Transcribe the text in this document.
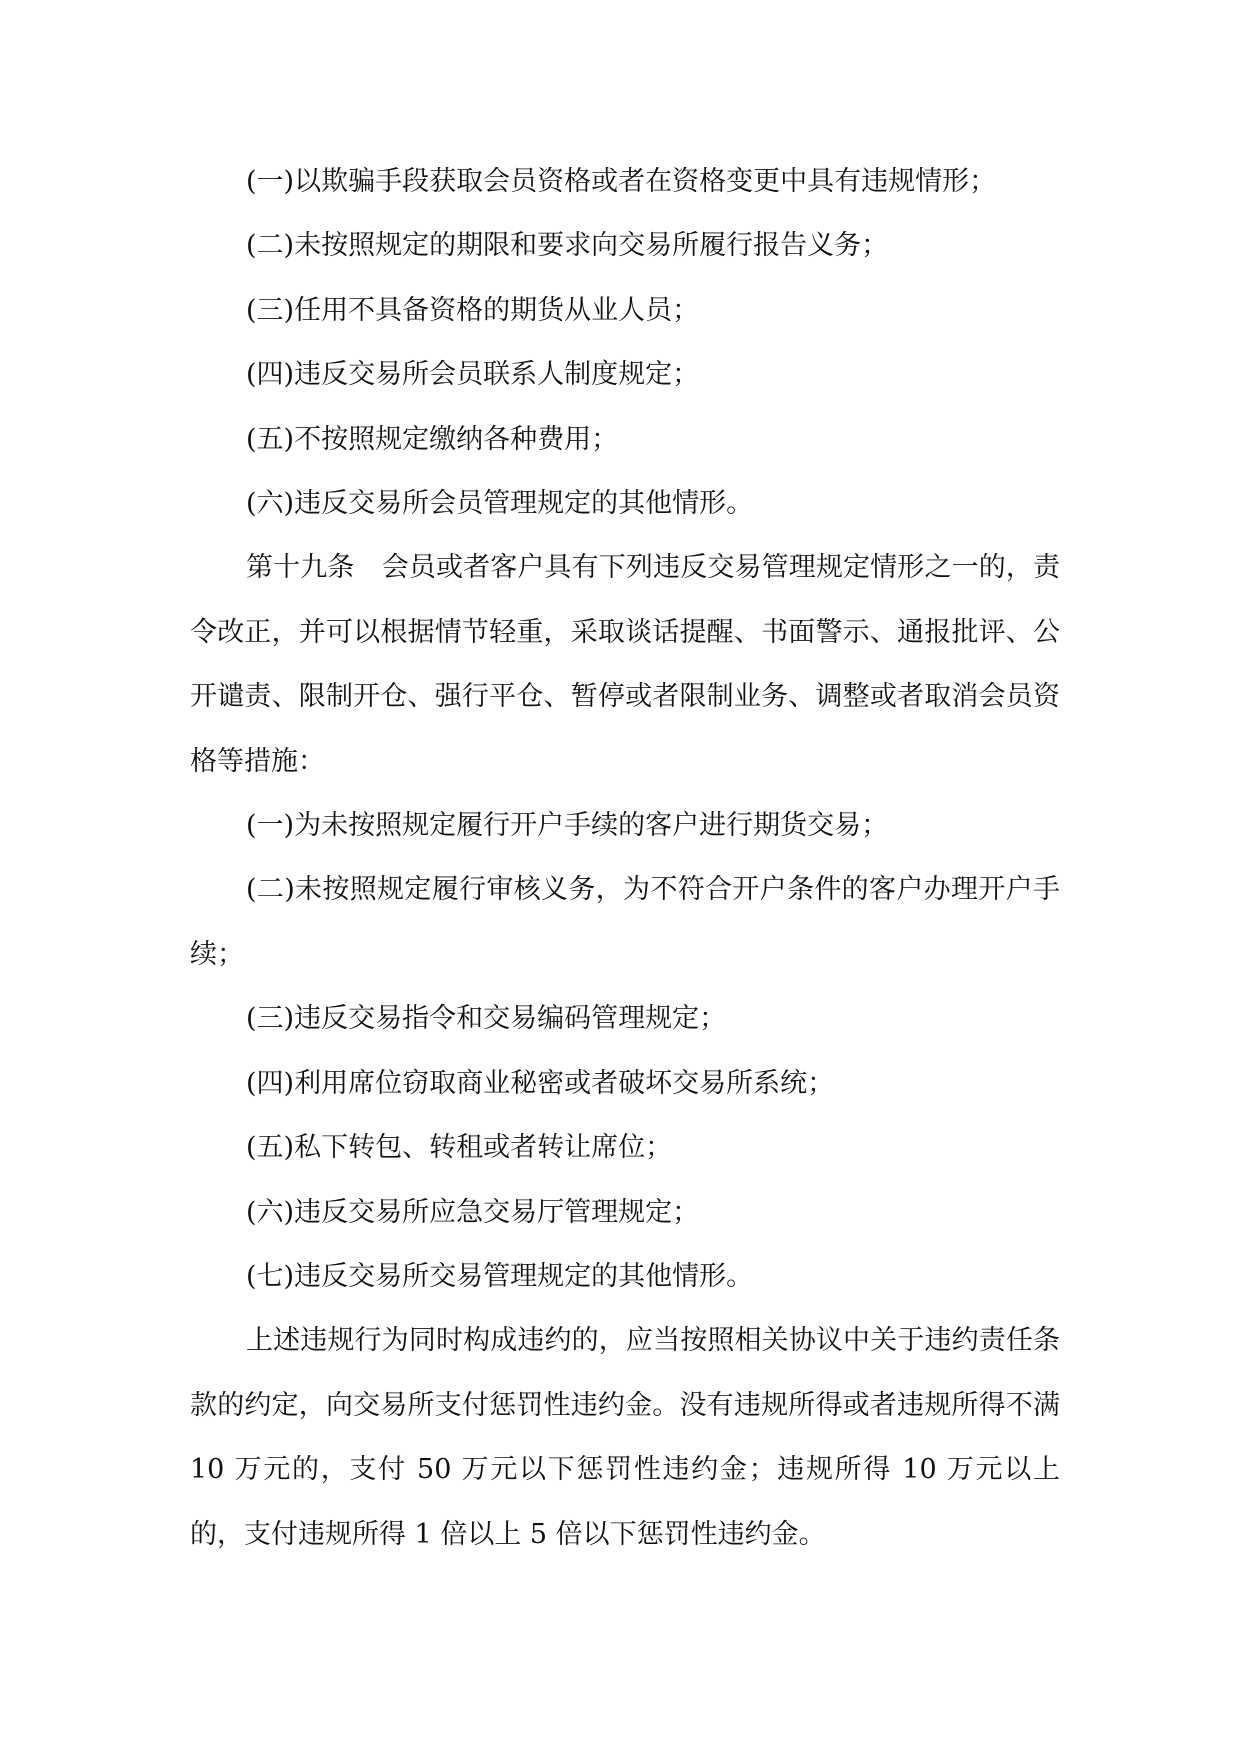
(一)以欺骗手段获取会员资格或者在资格变更中具有违规情形；

(二)未按照规定的期限和要求向交易所履行报告义务；

(三)任用不具备资格的期货从业人员；

(四)违反交易所会员联系人制度规定；

(五)不按照规定缴纳各种费用；

(六)违反交易所会员管理规定的其他情形。

第十九条　会员或者客户具有下列违反交易管理规定情形之一的，责令改正，并可以根据情节轻重，采取谈话提醒、书面警示、通报批评、公开谴责、限制开仓、强行平仓、暂停或者限制业务、调整或者取消会员资格等措施：

(一)为未按照规定履行开户手续的客户进行期货交易；

(二)未按照规定履行审核义务，为不符合开户条件的客户办理开户手续；

(三)违反交易指令和交易编码管理规定；

(四)利用席位窃取商业秘密或者破坏交易所系统；

(五)私下转包、转租或者转让席位；

(六)违反交易所应急交易厅管理规定；

(七)违反交易所交易管理规定的其他情形。

上述违规行为同时构成违约的，应当按照相关协议中关于违约责任条款的约定，向交易所支付惩罚性违约金。没有违规所得或者违规所得不满 10 万元的，支付 50 万元以下惩罚性违约金；违规所得 10 万元以上的，支付违规所得 1 倍以上 5 倍以下惩罚性违约金。
